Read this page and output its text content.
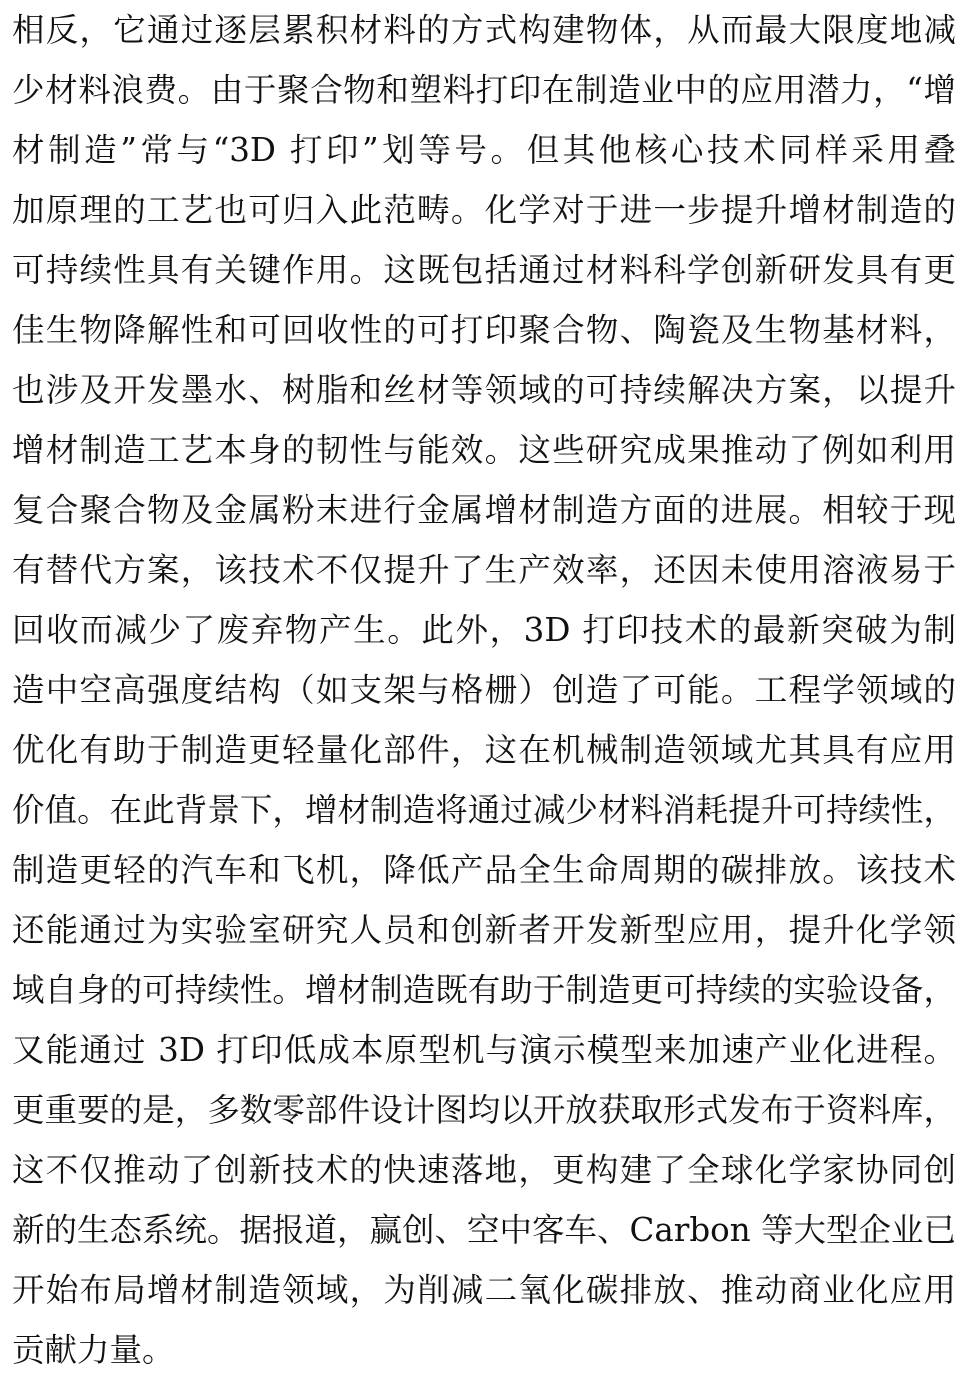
相反，它通过逐层累积材料的方式构建物体，从而最大限度地减
少材料浪费。由于聚合物和塑料打印在制造业中的应用潜力，“增
材制造”常与“3D 打印”划等号。但其他核心技术同样采用叠
加原理的工艺也可归入此范畴。化学对于进一步提升增材制造的
可持续性具有关键作用。这既包括通过材料科学创新研发具有更
佳生物降解性和可回收性的可打印聚合物、陶瓷及生物基材料，
也涉及开发墨水、树脂和丝材等领域的可持续解决方案，以提升
增材制造工艺本身的韧性与能效。这些研究成果推动了例如利用
复合聚合物及金属粉末进行金属增材制造方面的进展。相较于现
有替代方案，该技术不仅提升了生产效率，还因未使用溶液易于
回收而减少了废弃物产生。此外，3D 打印技术的最新突破为制
造中空高强度结构（如支架与格栅）创造了可能。工程学领域的
优化有助于制造更轻量化部件，这在机械制造领域尤其具有应用
价值。在此背景下，增材制造将通过减少材料消耗提升可持续性，
制造更轻的汽车和飞机，降低产品全生命周期的碳排放。该技术
还能通过为实验室研究人员和创新者开发新型应用，提升化学领
域自身的可持续性。增材制造既有助于制造更可持续的实验设备，
又能通过 3D 打印低成本原型机与演示模型来加速产业化进程。
更重要的是，多数零部件设计图均以开放获取形式发布于资料库，
这不仅推动了创新技术的快速落地，更构建了全球化学家协同创
新的生态系统。据报道，赢创、空中客车、Carbon 等大型企业已
开始布局增材制造领域，为削减二氧化碳排放、推动商业化应用
贡献力量。
